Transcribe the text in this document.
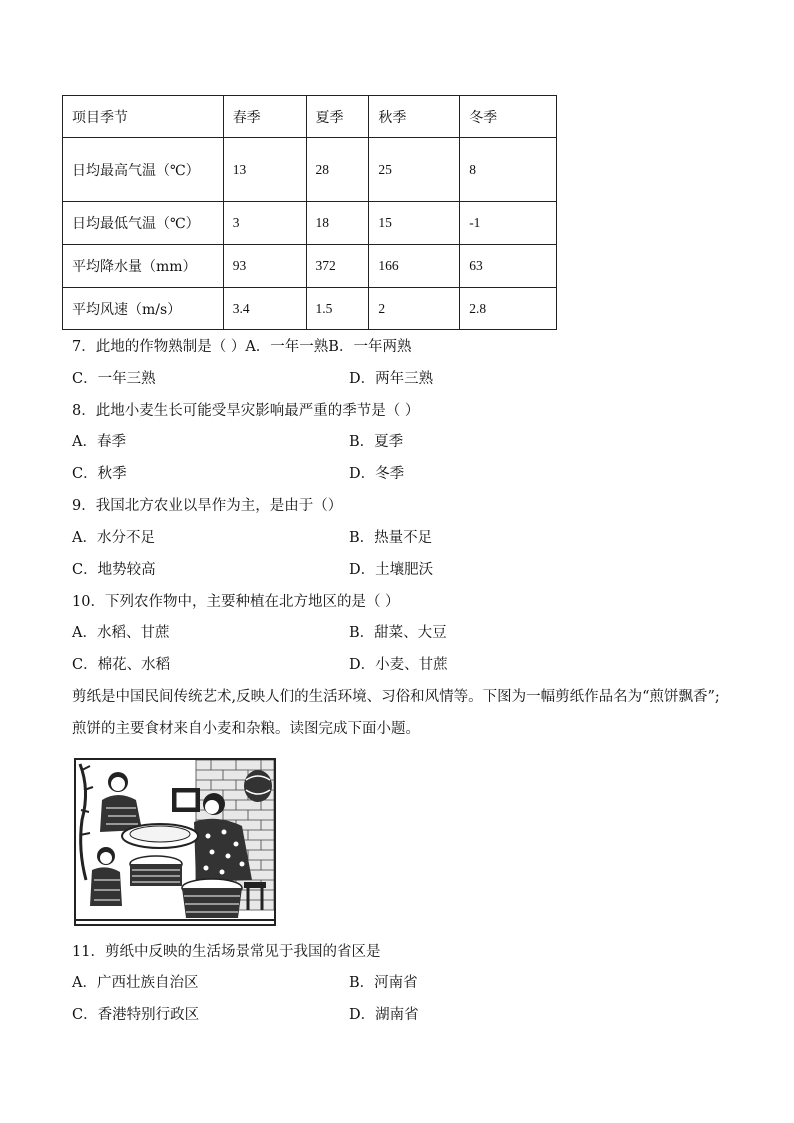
项目季节	春季	夏季	秋季	冬季
日均最高气温（℃）	13	28	25	8
日均最低气温（℃）	3	18	15	-1
平均降水量（mm）	93	372	166	63
平均风速（m/s）	3.4	1.5	2	2.8
7．此地的作物熟制是（ ）A．一年一熟B．一年两熟
C．一年三熟	D．两年三熟
8．此地小麦生长可能受旱灾影响最严重的季节是（ ）
A．春季	B．夏季
C．秋季	D．冬季
9．我国北方农业以旱作为主，是由于（）
A．水分不足	B．热量不足
C．地势较高	D．土壤肥沃
10．下列农作物中，主要种植在北方地区的是（ ）
A．水稻、甘蔗	B．甜菜、大豆
C．棉花、水稻	D．小麦、甘蔗
剪纸是中国民间传统艺术,反映人们的生活环境、习俗和风情等。下图为一幅剪纸作品名为“煎饼飘香”;煎饼的主要食材来自小麦和杂粮。读图完成下面小题。
11．剪纸中反映的生活场景常见于我国的省区是
A．广西壮族自治区	B．河南省
C．香港特别行政区	D．湖南省
